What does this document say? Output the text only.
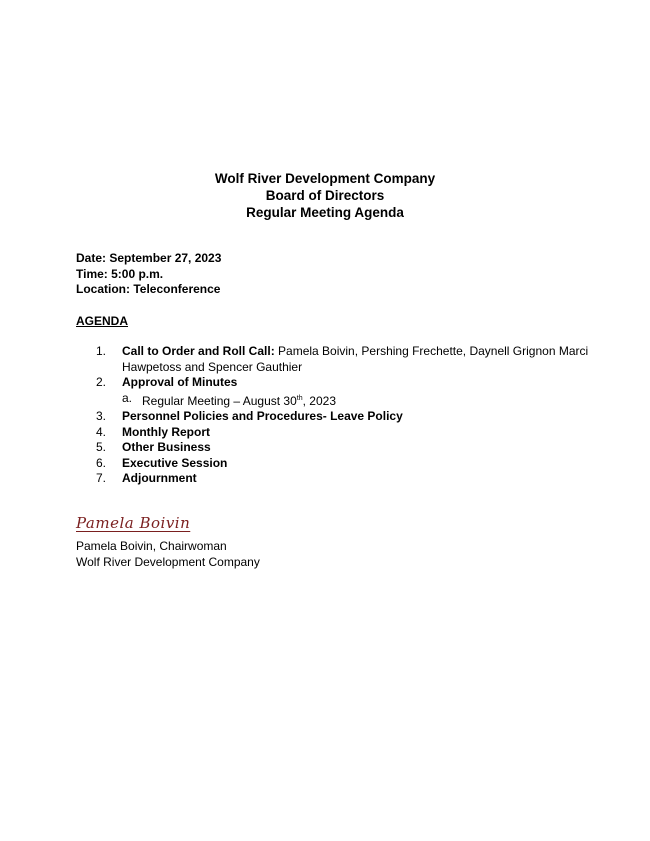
Wolf River Development Company
Board of Directors
Regular Meeting Agenda
Date: September 27, 2023
Time: 5:00 p.m.
Location: Teleconference
AGENDA
1.	Call to Order and Roll Call: Pamela Boivin, Pershing Frechette, Daynell Grignon Marci Hawpetoss and Spencer Gauthier
2.	Approval of Minutes
a. Regular Meeting – August 30th, 2023
3.	Personnel Policies and Procedures- Leave Policy
4.	Monthly Report
5.	Other Business
6.	Executive Session
7.	Adjournment
Pamela Boivin
Pamela Boivin, Chairwoman
Wolf River Development Company
